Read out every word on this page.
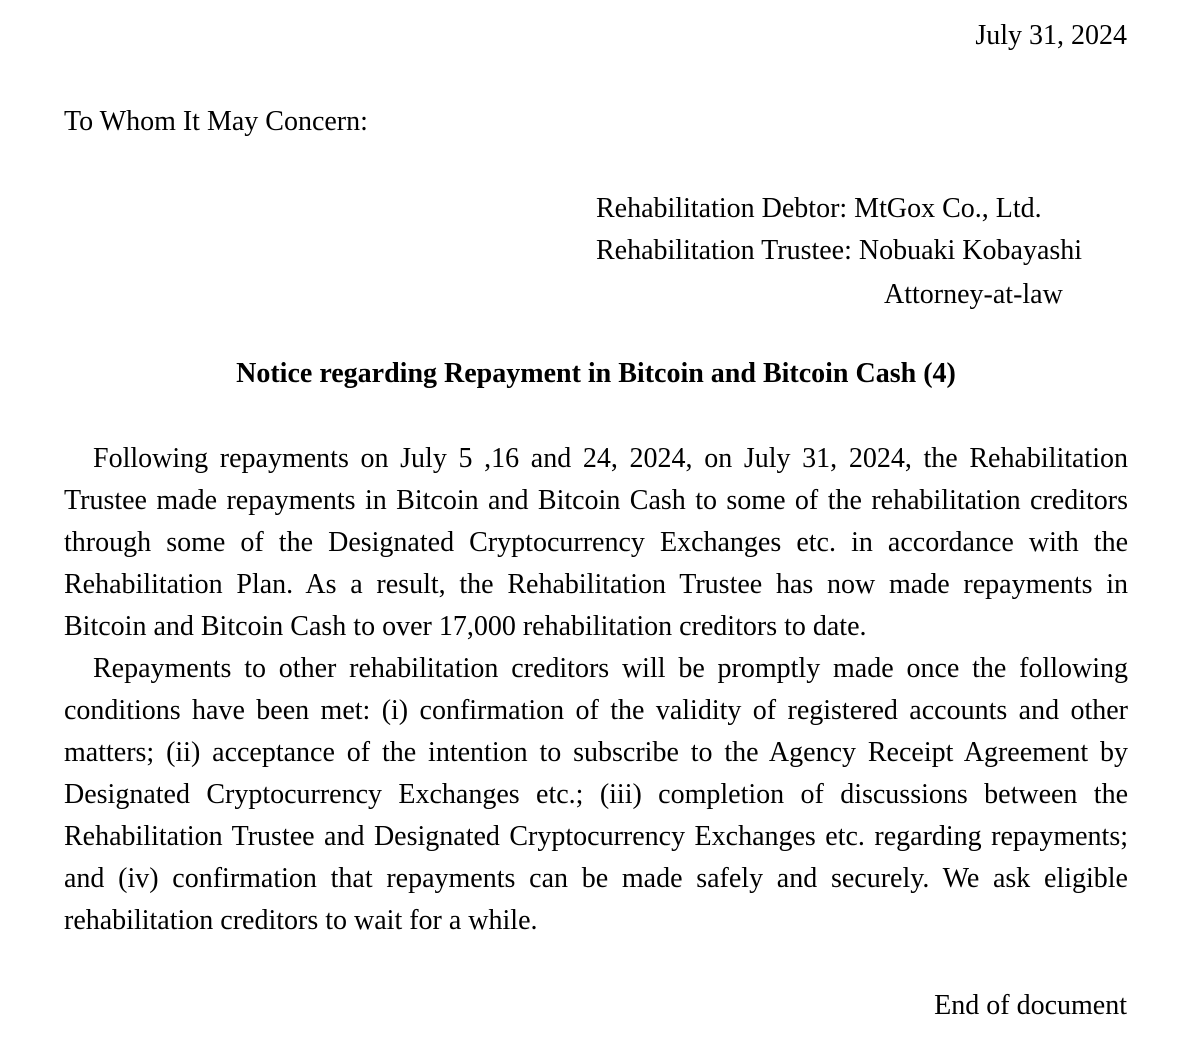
July 31, 2024
To Whom It May Concern:
Rehabilitation Debtor: MtGox Co., Ltd.
Rehabilitation Trustee: Nobuaki Kobayashi
Attorney-at-law
Notice regarding Repayment in Bitcoin and Bitcoin Cash (4)

Following repayments on July 5 ,16 and 24, 2024, on July 31, 2024, the Rehabilitation Trustee made repayments in Bitcoin and Bitcoin Cash to some of the rehabilitation creditors through some of the Designated Cryptocurrency Exchanges etc. in accordance with the Rehabilitation Plan. As a result, the Rehabilitation Trustee has now made repayments in Bitcoin and Bitcoin Cash to over 17,000 rehabilitation creditors to date.

Repayments to other rehabilitation creditors will be promptly made once the following conditions have been met: (i) confirmation of the validity of registered accounts and other matters; (ii) acceptance of the intention to subscribe to the Agency Receipt Agreement by Designated Cryptocurrency Exchanges etc.; (iii) completion of discussions between the Rehabilitation Trustee and Designated Cryptocurrency Exchanges etc. regarding repayments; and (iv) confirmation that repayments can be made safely and securely. We ask eligible rehabilitation creditors to wait for a while.

End of document
